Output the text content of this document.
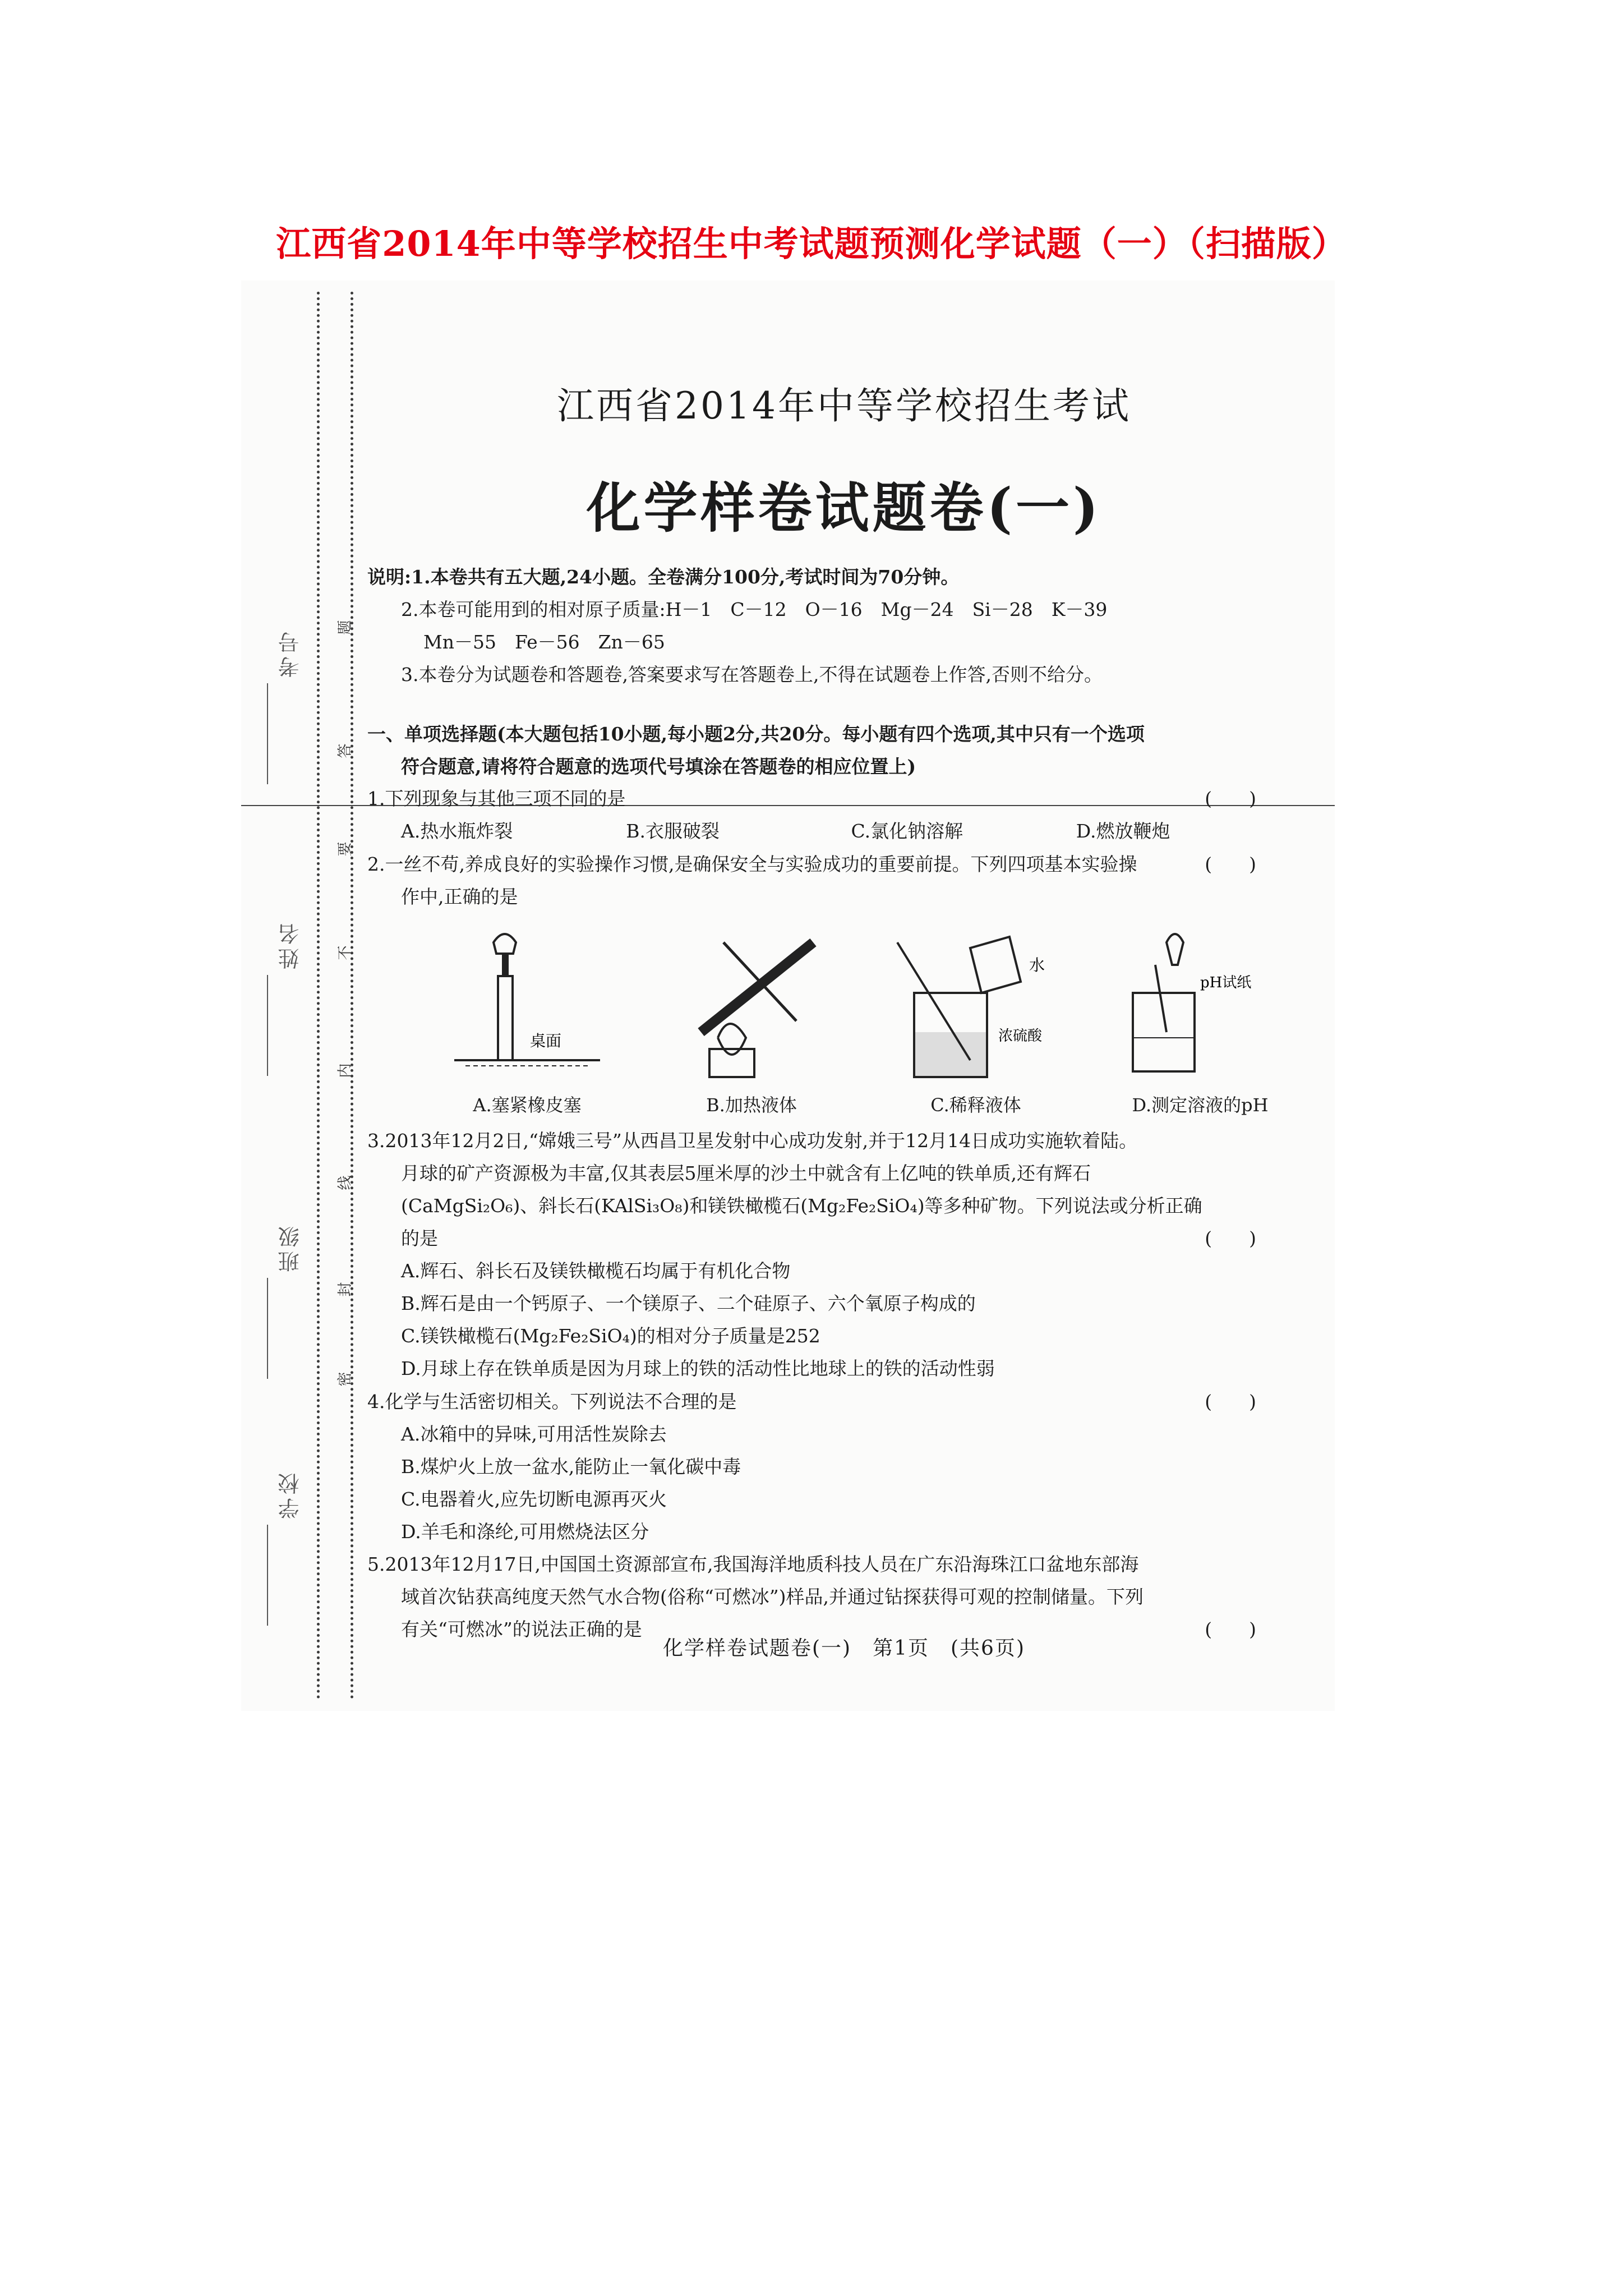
江西省2014年中等学校招生中考试题预测化学试题（一）（扫描版）
考号
姓名
班级
学校
题
答
要
不
内
线
封
密
江西省2014年中等学校招生考试
化学样卷试题卷(一)
说明:1.本卷共有五大题,24小题。全卷满分100分,考试时间为70分钟。
2.本卷可能用到的相对原子质量:H－1　C－12　O－16　Mg－24　Si－28　K－39
Mn－55　Fe－56　Zn－65
3.本卷分为试题卷和答题卷,答案要求写在答题卷上,不得在试题卷上作答,否则不给分。
一、单项选择题(本大题包括10小题,每小题2分,共20分。每小题有四个选项,其中只有一个选项
符合题意,请将符合题意的选项代号填涂在答题卷的相应位置上)
1.下列现象与其他三项不同的是	(　　)
A.热水瓶炸裂	B.衣服破裂	C.氯化钠溶解	D.燃放鞭炮
2.一丝不苟,养成良好的实验操作习惯,是确保安全与实验成功的重要前提。下列四项基本实验操
作中,正确的是
(　　)
桌面
A.塞紧橡皮塞	B.加热液体
水
浓硫酸
C.稀释液体
pH试纸
D.测定溶液的pH
3.2013年12月2日,“嫦娥三号”从西昌卫星发射中心成功发射,并于12月14日成功实施软着陆。
月球的矿产资源极为丰富,仅其表层5厘米厚的沙土中就含有上亿吨的铁单质,还有辉石
(CaMgSi₂O₆)、斜长石(KAlSi₃O₈)和镁铁橄榄石(Mg₂Fe₂SiO₄)等多种矿物。下列说法或分析正确
的是	(　　)
A.辉石、斜长石及镁铁橄榄石均属于有机化合物
B.辉石是由一个钙原子、一个镁原子、二个硅原子、六个氧原子构成的
C.镁铁橄榄石(Mg₂Fe₂SiO₄)的相对分子质量是252
D.月球上存在铁单质是因为月球上的铁的活动性比地球上的铁的活动性弱
4.化学与生活密切相关。下列说法不合理的是	(　　)
A.冰箱中的异味,可用活性炭除去
B.煤炉火上放一盆水,能防止一氧化碳中毒
C.电器着火,应先切断电源再灭火
D.羊毛和涤纶,可用燃烧法区分
5.2013年12月17日,中国国土资源部宣布,我国海洋地质科技人员在广东沿海珠江口盆地东部海
域首次钻获高纯度天然气水合物(俗称“可燃冰”)样品,并通过钻探获得可观的控制储量。下列
有关“可燃冰”的说法正确的是	(　　)
化学样卷试题卷(一)　第1页　(共6页)
